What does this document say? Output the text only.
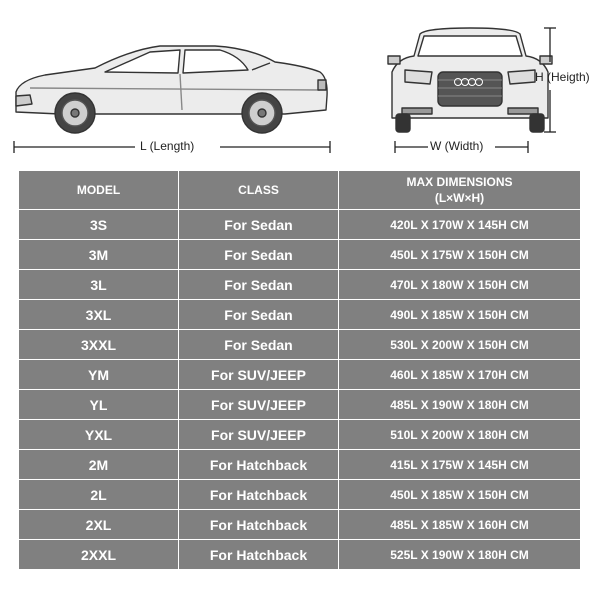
L (Length)	W (Width)
H (Heigth)
MODEL	CLASS	MAX DIMENSIONS
(L×W×H)

3S	For Sedan	420L X 170W X 145H CM
3M	For Sedan	450L X 175W X 150H CM
3L	For Sedan	470L X 180W X 150H CM
3XL	For Sedan	490L X 185W X 150H CM
3XXL	For Sedan	530L X 200W X 150H CM
YM	For SUV/JEEP	460L X 185W X 170H CM
YL	For SUV/JEEP	485L X 190W X 180H CM
YXL	For SUV/JEEP	510L X 200W X 180H CM
2M	For Hatchback	415L X 175W X 145H CM
2L	For Hatchback	450L X 185W X 150H CM
2XL	For Hatchback	485L X 185W X 160H CM
2XXL	For Hatchback	525L X 190W X 180H CM
